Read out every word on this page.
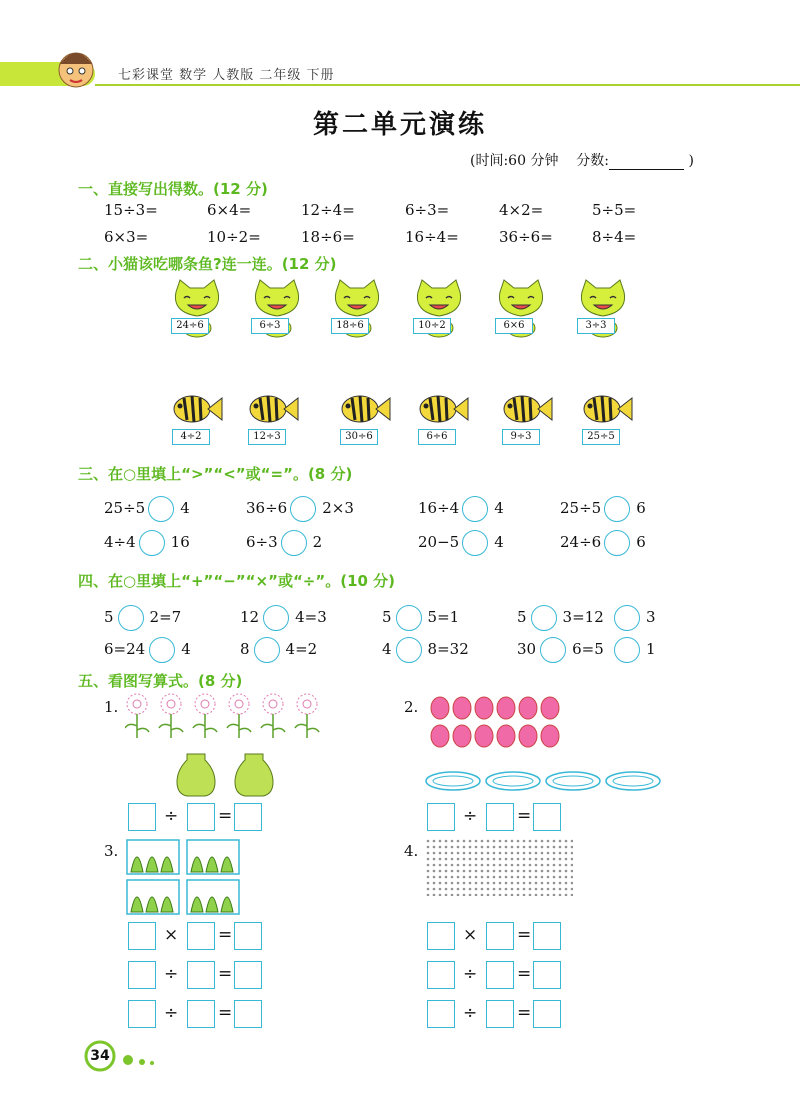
七彩课堂 数学 人教版 二年级 下册
第二单元演练
(时间:60 分钟 分数:	)
一、直接写出得数。(12 分)
15÷3=	6×4=	12÷4=	6÷3=	4×2=	5÷5=
6×3=	10÷2=	18÷6=	16÷4=	36÷6=	8÷4=
二、小猫该吃哪条鱼?连一连。(12 分)
24÷6	6÷3	18÷6	10÷2	6×6	3÷3
4÷2	12÷3	30÷6	6÷6	9÷3	25÷5
三、在○里填上“>”“<”或“=”。(8 分)
25÷5 4	36÷6 2×3	16÷4 4	25÷5 6
4÷4 16	6÷3 2	20−5 4	24÷6 6
四、在○里填上“+”“−”“×”或“÷”。(10 分)
5 2=7	12 4=3	5 5=1	5 3=12	3
6=24 4	8 4=2	4 8=32	30 6=5	1
五、看图写算式。(8 分)
1.	2.
3.	4.
÷ =	÷ =
× =
÷ =
÷ =
× =
÷ =
÷ =
34
